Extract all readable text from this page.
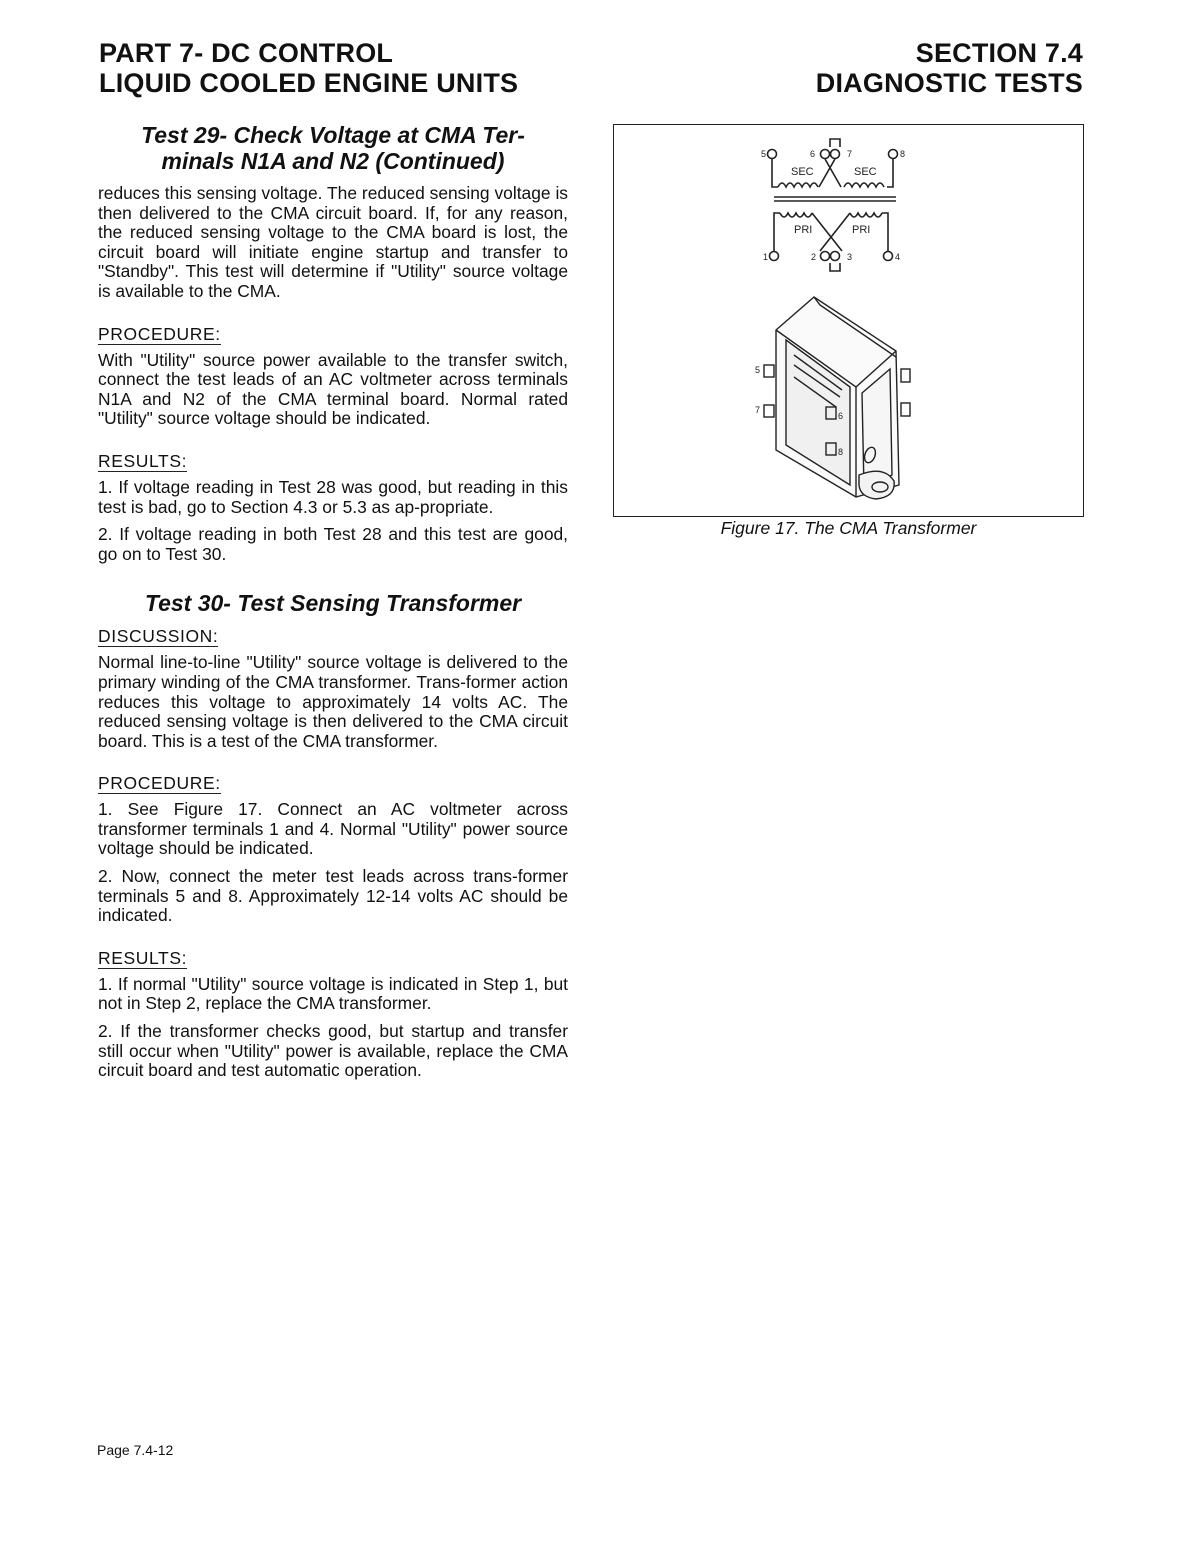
PART 7- DC CONTROL
LIQUID COOLED ENGINE UNITS
SECTION 7.4
DIAGNOSTIC TESTS
Test 29- Check Voltage at CMA Ter-
minals N1A and N2 (Continued)

reduces this sensing voltage. The reduced sensing voltage is then delivered to the CMA circuit board. If, for any reason, the reduced sensing voltage to the CMA board is lost, the circuit board will initiate engine startup and transfer to "Standby". This test will determine if "Utility" source voltage is available to the CMA.

PROCEDURE:

With "Utility" source power available to the transfer switch, connect the test leads of an AC voltmeter across terminals N1A and N2 of the CMA terminal board. Normal rated "Utility" source voltage should be indicated.

RESULTS:

1. If voltage reading in Test 28 was good, but reading in this test is bad, go to Section 4.3 or 5.3 as ap-propriate.

2. If voltage reading in both Test 28 and this test are good, go on to Test 30.

Test 30- Test Sensing Transformer
DISCUSSION:

Normal line-to-line "Utility" source voltage is delivered to the primary winding of the CMA transformer. Trans-former action reduces this voltage to approximately 14 volts AC. The reduced sensing voltage is then delivered to the CMA circuit board. This is a test of the CMA transformer.

PROCEDURE:

1. See Figure 17. Connect an AC voltmeter across transformer terminals 1 and 4. Normal "Utility" power source voltage should be indicated.

2. Now, connect the meter test leads across trans-former terminals 5 and 8. Approximately 12-14 volts AC should be indicated.

RESULTS:

1. If normal "Utility" source voltage is indicated in Step 1, but not in Step 2, replace the CMA transformer.

2. If the transformer checks good, but startup and transfer still occur when "Utility" power is available, replace the CMA circuit board and test automatic operation.

5	6	7	8
SEC	SEC
PRI	PRI
1	2	3	4
5
7
6
8
Figure 17. The CMA Transformer
Page 7.4-12
